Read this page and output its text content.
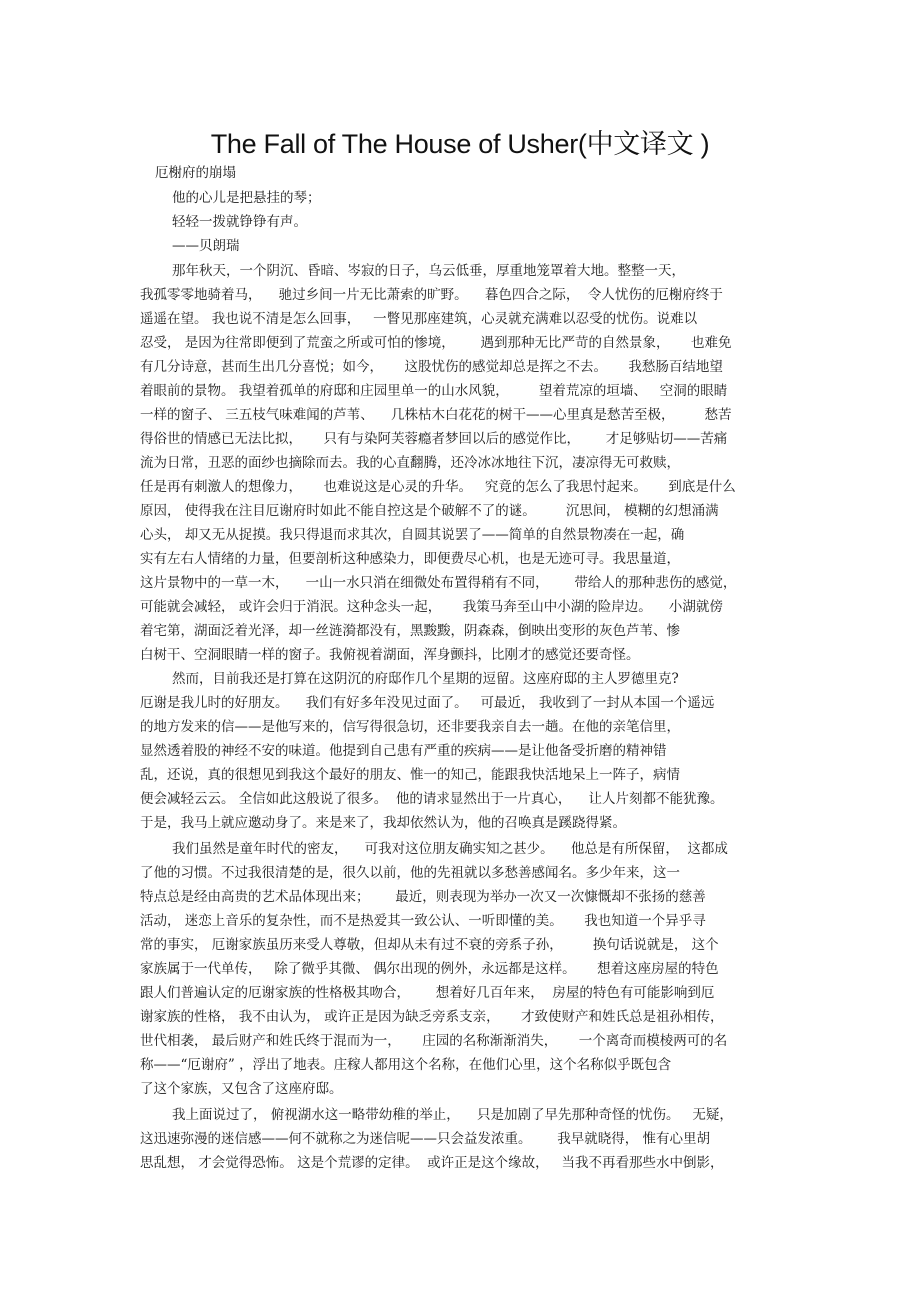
The Fall of The House of Usher(中文译文 )
厄榭府的崩塌
他的心儿是把悬挂的琴；
轻轻一拨就铮铮有声。
——贝朗瑞
那年秋天，一个阴沉、昏暗、岑寂的日子，乌云低垂，厚重地笼罩着大地。整整一天，
我孤零零地骑着马，    驰过乡间一片无比萧索的旷野。    暮色四合之际，  令人忧伤的厄榭府终于
遥遥在望。 我也说不清是怎么回事，   一瞥见那座建筑，心灵就充满难以忍受的忧伤。说难以
忍受， 是因为往常即便到了荒蛮之所或可怕的惨境，      遇到那种无比严苛的自然景象，     也难免
有几分诗意，甚而生出几分喜悦；如今，     这股忧伤的感觉却总是挥之不去。     我愁肠百结地望
着眼前的景物。 我望着孤单的府邸和庄园里单一的山水风貌，       望着荒凉的垣墙、   空洞的眼睛
一样的窗子、 三五枝气味难闻的芦苇、    几株枯木白花花的树干——心里真是愁苦至极，       愁苦
得俗世的情感已无法比拟，     只有与染阿芙蓉瘾者梦回以后的感觉作比，      才足够贴切——苦痛
流为日常，丑恶的面纱也摘除而去。我的心直翻腾，还冷冰冰地往下沉，凄凉得无可救赎，
任是再有刺激人的想像力，     也难说这是心灵的升华。   究竟的怎么了我思忖起来。     到底是什么
原因， 使得我在注目厄谢府时如此不能自控这是个破解不了的谜。       沉思间， 模糊的幻想涌满
心头， 却又无从捉摸。我只得退而求其次，自圆其说罢了——简单的自然景物凑在一起，确
实有左右人情绪的力量，但要剖析这种感染力，即便费尽心机，也是无迹可寻。我思量道，
这片景物中的一草一木，    一山一水只消在细微处布置得稍有不同，      带给人的那种悲伤的感觉，
可能就会减轻， 或许会归于消泯。这种念头一起，     我策马奔至山中小湖的险岸边。    小湖就傍
着宅第，湖面泛着光泽，却一丝涟漪都没有，黑黢黢，阴森森，倒映出变形的灰色芦苇、惨
白树干、空洞眼睛一样的窗子。我俯视着湖面，浑身颤抖，比刚才的感觉还要奇怪。
然而，目前我还是打算在这阴沉的府邸作几个星期的逗留。这座府邸的主人罗德里克?
厄谢是我儿时的好朋友。    我们有好多年没见过面了。   可最近， 我收到了一封从本国一个遥远
的地方发来的信——是他写来的，信写得很急切，还非要我亲自去一趟。在他的亲笔信里，
显然透着股的神经不安的味道。他提到自己患有严重的疾病——是让他备受折磨的精神错
乱，还说，真的很想见到我这个最好的朋友、惟一的知己，能跟我快活地呆上一阵子，病情
便会减轻云云。 全信如此这般说了很多。  他的请求显然出于一片真心，    让人片刻都不能犹豫。
于是，我马上就应邀动身了。来是来了，我却依然认为，他的召唤真是蹊跷得紧。
我们虽然是童年时代的密友，    可我对这位朋友确实知之甚少。    他总是有所保留，  这都成
了他的习惯。不过我很清楚的是，很久以前，他的先祖就以多愁善感闻名。多少年来，这一
特点总是经由高贵的艺术品体现出来；      最近，则表现为举办一次又一次慷慨却不张扬的慈善
活动， 迷恋上音乐的复杂性，而不是热爱其一致公认、一听即懂的美。     我也知道一个异乎寻
常的事实， 厄谢家族虽历来受人尊敬，但却从未有过不衰的旁系子孙，       换句话说就是， 这个
家族属于一代单传，   除了微乎其微、 偶尔出现的例外，永远都是这样。     想着这座房屋的特色
跟人们普遍认定的厄谢家族的性格极其吻合，      想着好几百年来，  房屋的特色有可能影响到厄
谢家族的性格， 我不由认为， 或许正是因为缺乏旁系支亲，     才致使财产和姓氏总是祖孙相传，
世代相袭， 最后财产和姓氏终于混而为一，     庄园的名称渐渐消失，     一个离奇而模棱两可的名
称——“厄谢府” ，浮出了地表。庄稼人都用这个名称，在他们心里，这个名称似乎既包含
了这个家族，又包含了这座府邸。
我上面说过了， 俯视湖水这一略带幼稚的举止，    只是加剧了早先那种奇怪的忧伤。   无疑，
这迅速弥漫的迷信感——何不就称之为迷信呢——只会益发浓重。      我早就晓得， 惟有心里胡
思乱想， 才会觉得恐怖。 这是个荒谬的定律。  或许正是这个缘故，   当我不再看那些水中倒影，
